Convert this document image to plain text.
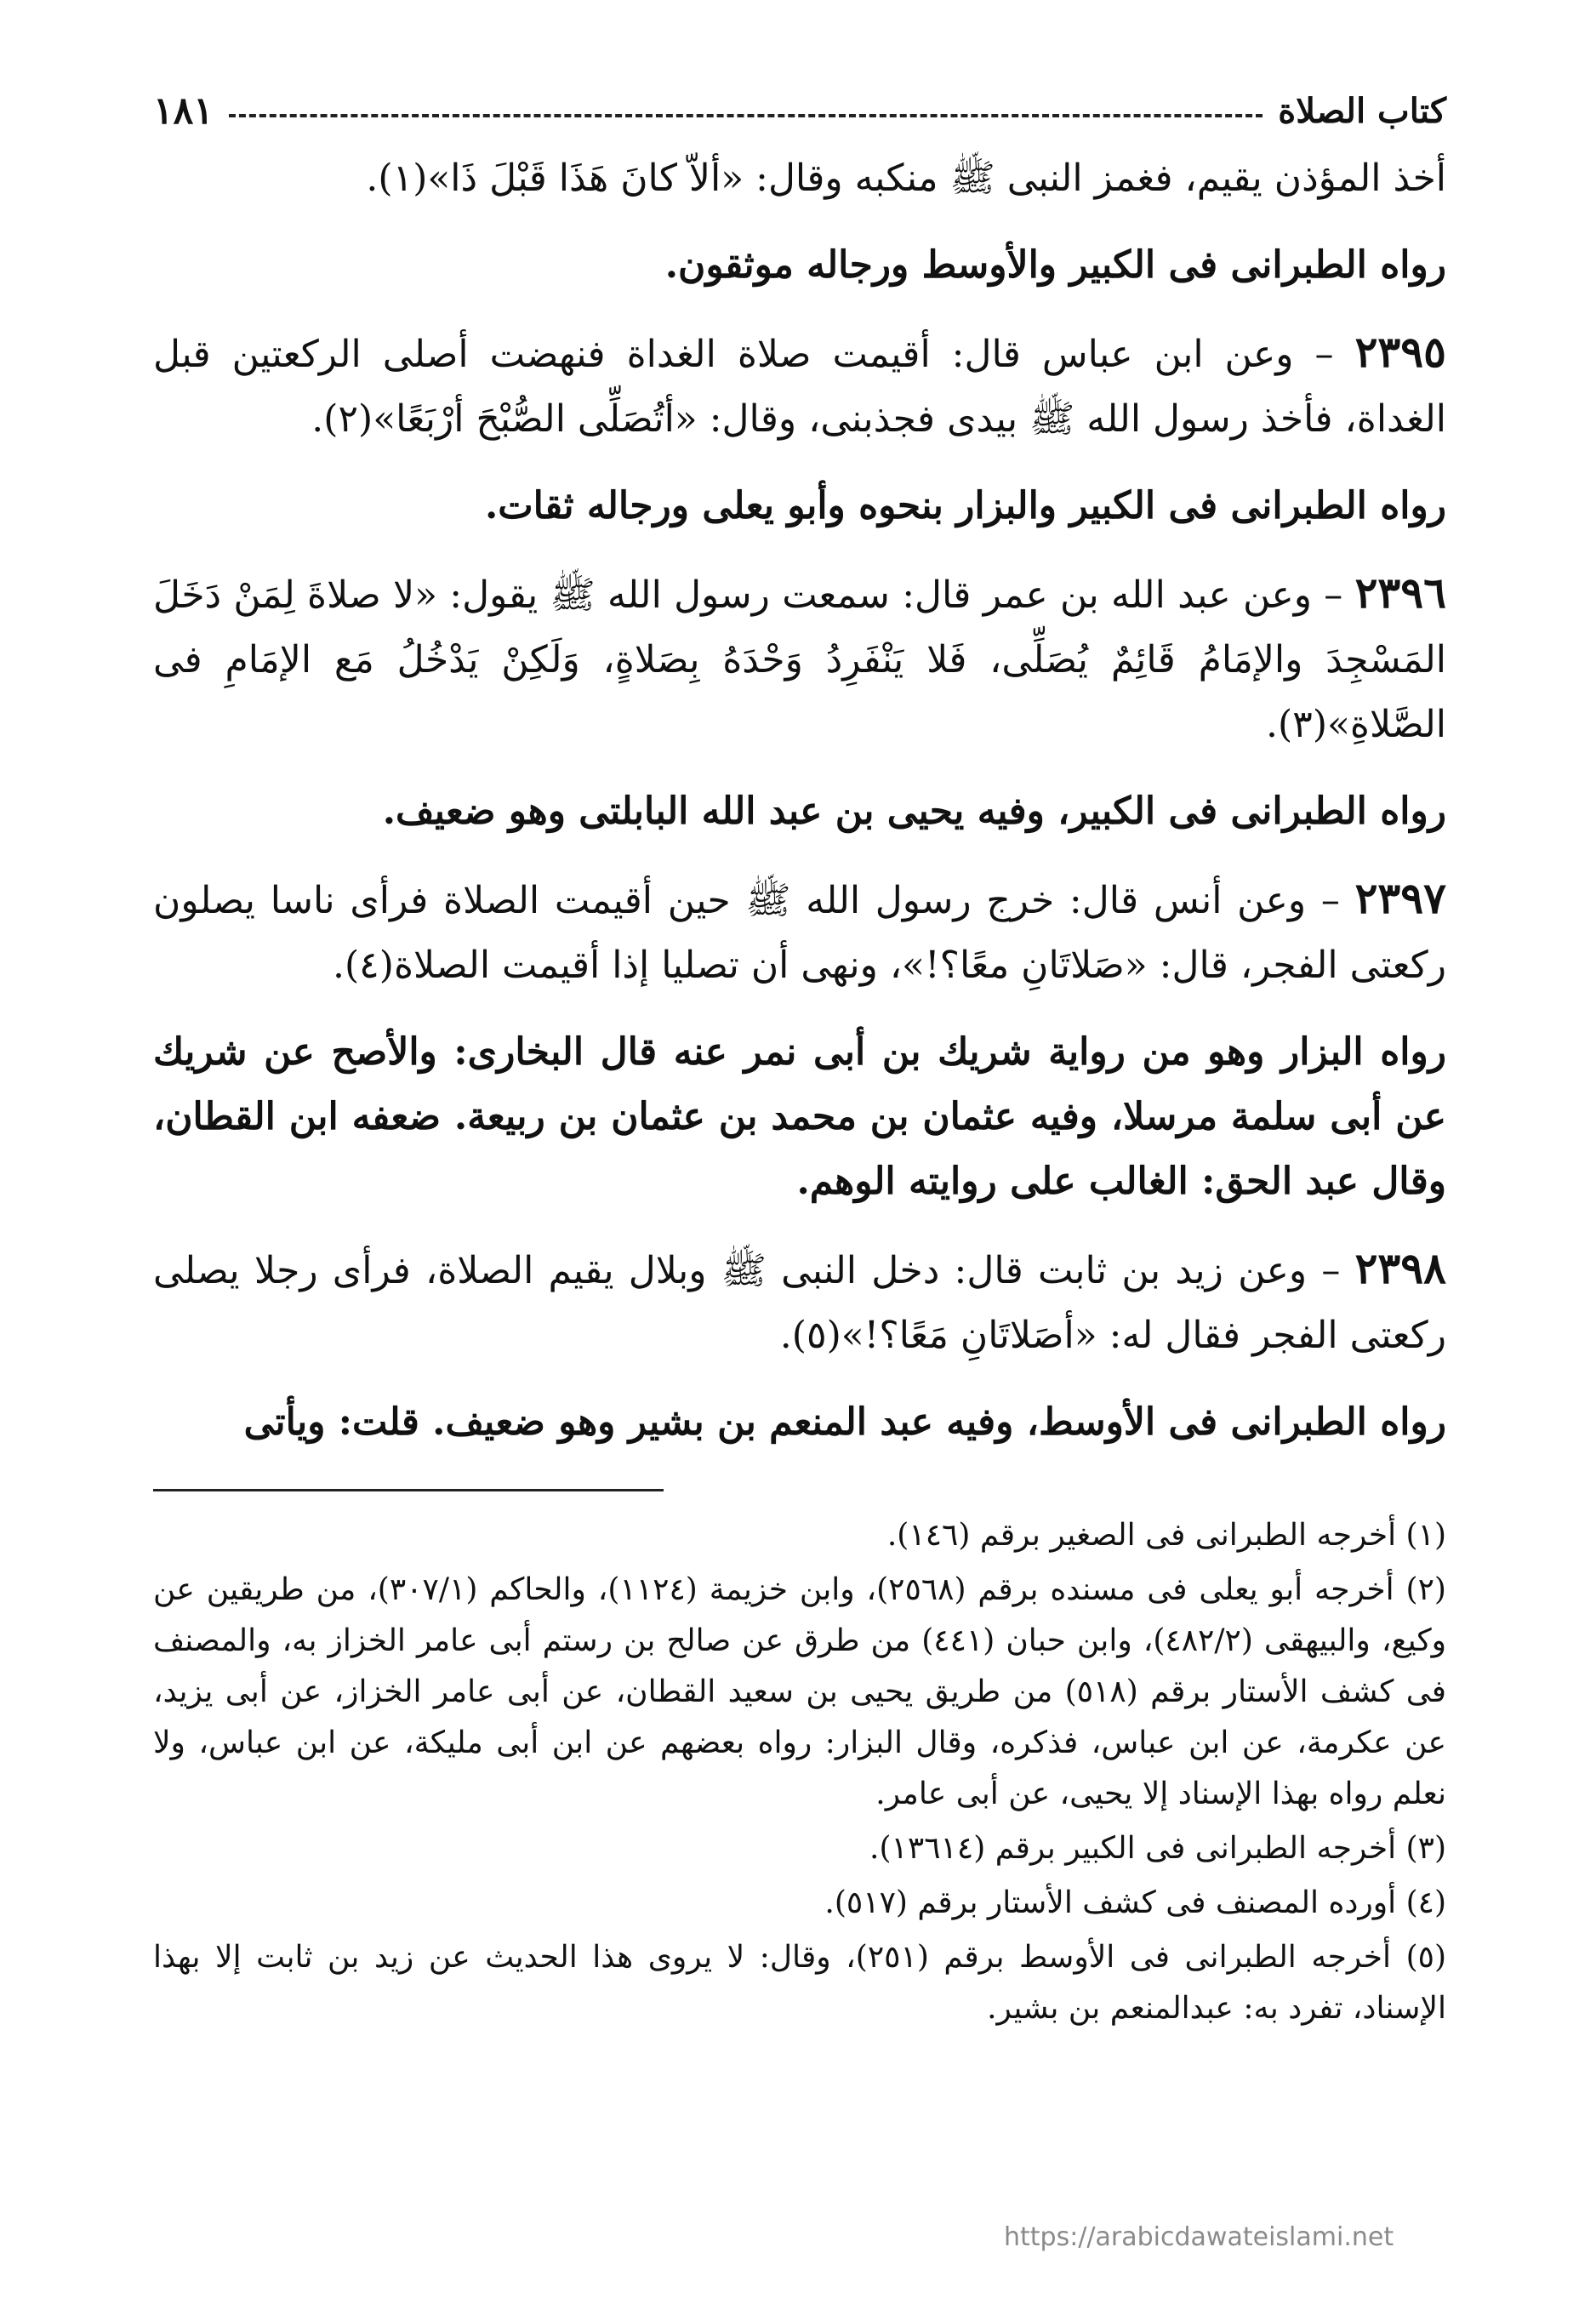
كتاب الصلاة
١٨١

أخذ المؤذن يقيم، فغمز النبى ﷺ منكبه وقال: «ألاّ كانَ هَذَا قَبْلَ ذَا»(١).

رواه الطبرانى فى الكبير والأوسط ورجاله موثقون.

٢٣٩٥ – وعن ابن عباس قال: أقيمت صلاة الغداة فنهضت أصلى الركعتين قبل الغداة، فأخذ رسول الله ﷺ بيدى فجذبنى، وقال: «أتُصَلِّى الصُّبْحَ أرْبَعًا»(٢).

رواه الطبرانى فى الكبير والبزار بنحوه وأبو يعلى ورجاله ثقات.

٢٣٩٦ – وعن عبد الله بن عمر قال: سمعت رسول الله ﷺ يقول: «لا صلاةَ لِمَنْ دَخَلَ المَسْجِدَ والإمَامُ قَائِمٌ يُصَلِّى، فَلا يَنْفَرِدُ وَحْدَهُ بِصَلاةٍ، وَلَكِنْ يَدْخُلُ مَع الإمَامِ فى الصَّلاةِ»(٣).

رواه الطبرانى فى الكبير، وفيه يحيى بن عبد الله البابلتى وهو ضعيف.

٢٣٩٧ – وعن أنس قال: خرج رسول الله ﷺ حين أقيمت الصلاة فرأى ناسا يصلون ركعتى الفجر، قال: «صَلاتَانِ معًا؟!»، ونهى أن تصليا إذا أقيمت الصلاة(٤).

رواه البزار وهو من رواية شريك بن أبى نمر عنه قال البخارى: والأصح عن شريك عن أبى سلمة مرسلا، وفيه عثمان بن محمد بن عثمان بن ربيعة. ضعفه ابن القطان، وقال عبد الحق: الغالب على روايته الوهم.

٢٣٩٨ – وعن زيد بن ثابت قال: دخل النبى ﷺ وبلال يقيم الصلاة، فرأى رجلا يصلى ركعتى الفجر فقال له: «أصَلاتَانِ مَعًا؟!»(٥).

رواه الطبرانى فى الأوسط، وفيه عبد المنعم بن بشير وهو ضعيف. قلت: ويأتى

(١) أخرجه الطبرانى فى الصغير برقم (١٤٦).

(٢) أخرجه أبو يعلى فى مسنده برقم (٢٥٦٨)، وابن خزيمة (١١٢٤)، والحاكم (٣٠٧/١)، من طريقين عن وكيع، والبيهقى (٤٨٢/٢)، وابن حبان (٤٤١) من طرق عن صالح بن رستم أبى عامر الخزاز به، والمصنف فى كشف الأستار برقم (٥١٨) من طريق يحيى بن سعيد القطان، عن أبى عامر الخزاز، عن أبى يزيد، عن عكرمة، عن ابن عباس، فذكره، وقال البزار: رواه بعضهم عن ابن أبى مليكة، عن ابن عباس، ولا نعلم رواه بهذا الإسناد إلا يحيى، عن أبى عامر.

(٣) أخرجه الطبرانى فى الكبير برقم (١٣٦١٤).

(٤) أورده المصنف فى كشف الأستار برقم (٥١٧).

(٥) أخرجه الطبرانى فى الأوسط برقم (٢٥١)، وقال: لا يروى هذا الحديث عن زيد بن ثابت إلا بهذا الإسناد، تفرد به: عبدالمنعم بن بشير.

https://arabicdawateislami.net
